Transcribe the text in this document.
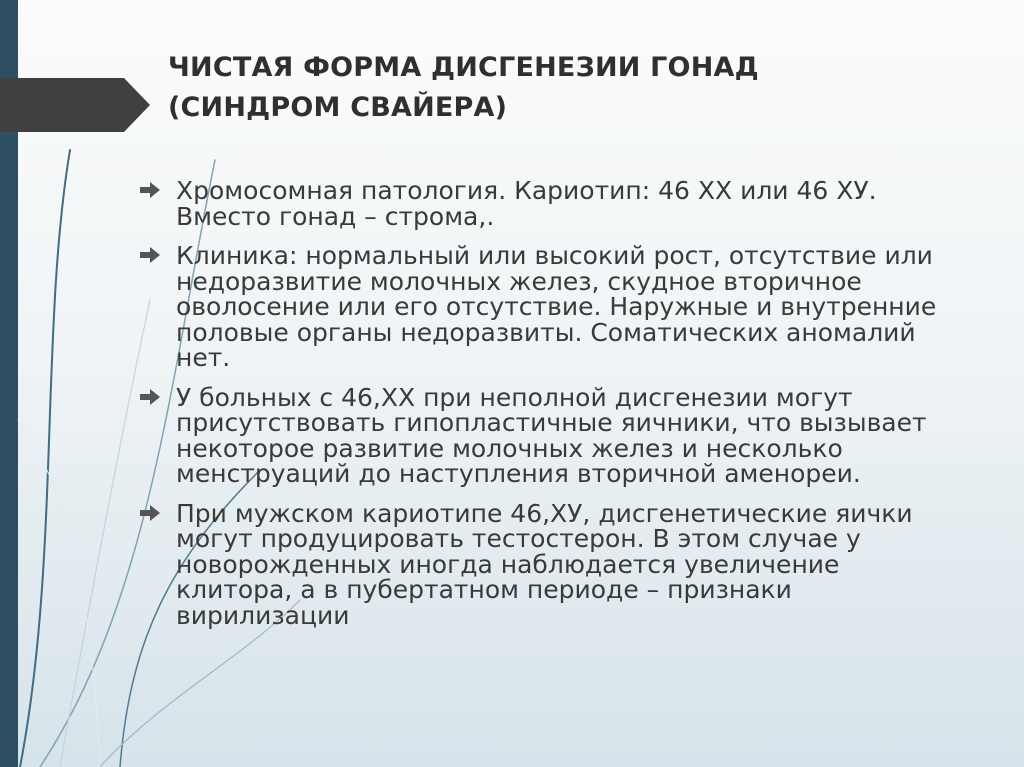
ЧИСТАЯ ФОРМА ДИСГЕНЕЗИИ ГОНАД
(СИНДРОМ СВАЙЕРА)
Хромосомная патология. Кариотип: 46 ХХ или 46 ХУ. Вместо гонад – строма,.
Клиника: нормальный или высокий рост, отсутствие или недоразвитие молочных желез, скудное вторичное оволосение или его отсутствие. Наружные и внутренние половые органы недоразвиты. Соматических аномалий нет.
У больных с 46,ХХ при неполной дисгенезии могут присутствовать гипопластичные яичники, что вызывает некоторое развитие молочных желез и несколько менструаций до наступления вторичной аменореи.
При мужском кариотипе 46,ХУ, дисгенетические яички могут продуцировать тестостерон. В этом случае у новорожденных иногда наблюдается увеличение клитора, а в пубертатном периоде – признаки вирилизации
